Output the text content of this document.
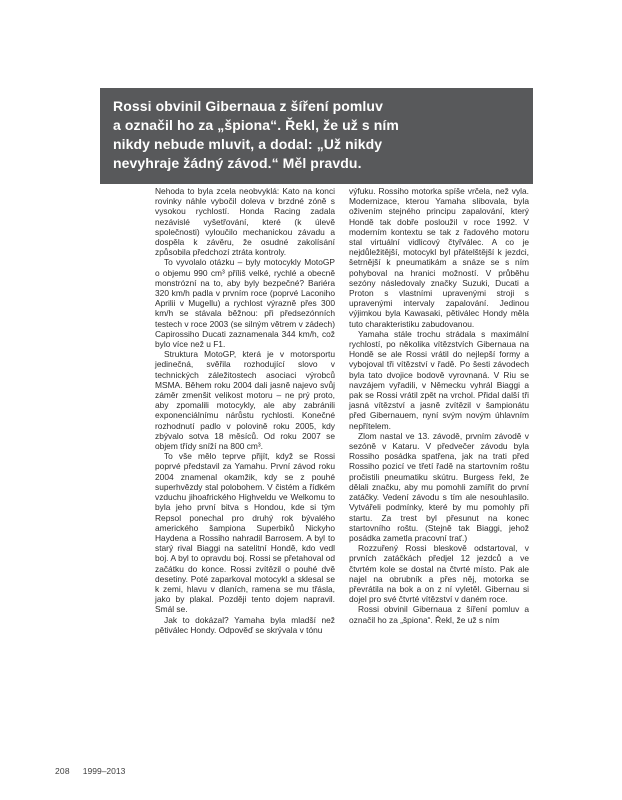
Rossi obvinil Gibernaua z šíření pomluv
a označil ho za „špiona“. Řekl, že už s ním
nikdy nebude mluvit, a dodal: „Už nikdy
nevyhraje žádný závod.“ Měl pravdu.

Nehoda to byla zcela neobvyklá: Kato na konci rovinky náhle vybočil doleva v brzdné zóně s vysokou rychlostí. Honda Racing zadala nezávislé vyšetřování, které (k úlevě společnosti) vyloučilo mechanickou závadu a dospěla k závěru, že osudné zakolísání způsobila předchozí ztráta kontroly.

To vyvolalo otázku – byly motocykly MotoGP o objemu 990 cm³ příliš velké, rychlé a obecně monstrózní na to, aby byly bezpečné? Bariéra 320 km/h padla v prvním roce (poprvé Laconiho Aprilii v Mugellu) a rychlost výrazně přes 300 km/h se stávala běžnou: při předsezónních testech v roce 2003 (se silným větrem v zádech) Capirossiho Ducati zaznamenala 344 km/h, což bylo více než u F1.

Struktura MotoGP, která je v motorsportu jedinečná, svěřila rozhodující slovo v technických záležitostech asociaci výrobců MSMA. Během roku 2004 dali jasně najevo svůj záměr zmenšit velikost motoru – ne prý proto, aby zpomalili motocykly, ale aby zabránili exponenciálnímu nárůstu rychlosti. Konečné rozhodnutí padlo v polovině roku 2005, kdy zbývalo sotva 18 měsíců. Od roku 2007 se objem třídy sníží na 800 cm³.

To vše mělo teprve přijít, když se Rossi poprvé představil za Yamahu. První závod roku 2004 znamenal okamžik, kdy se z pouhé superhvězdy stal polobohem. V čistém a řídkém vzduchu jihoafrického Highveldu ve Welkomu to byla jeho první bitva s Hondou, kde si tým Repsol ponechal pro druhý rok bývalého amerického šampiona Superbiků Nickyho Haydena a Rossiho nahradil Barrosem. A byl to starý rival Biaggi na satelitní Hondě, kdo vedl boj. A byl to opravdu boj. Rossi se přetahoval od začátku do konce. Rossi zvítězil o pouhé dvě desetiny. Poté zaparkoval motocykl a sklesal se k zemi, hlavu v dlaních, ramena se mu třásla, jako by plakal. Později tento dojem napravil. Smál se.

Jak to dokázal? Yamaha byla mladší než pětiválec Hondy. Odpověď se skrývala v tónu

výfuku. Rossiho motorka spíše vrčela, než vyla. Modernizace, kterou Yamaha slibovala, byla oživením stejného principu zapalování, který Hondě tak dobře posloužil v roce 1992. V moderním kontextu se tak z řadového motoru stal virtuální vidlicový čtyřválec. A co je nejdůležitější, motocykl byl přátelštější k jezdci, šetrnější k pneumatikám a snáze se s ním pohyboval na hranici možností. V průběhu sezóny následovaly značky Suzuki, Ducati a Proton s vlastními upravenými stroji s upravenými intervaly zapalování. Jedinou výjimkou byla Kawasaki, pětiválec Hondy měla tuto charakteristiku zabudovanou.

Yamaha stále trochu strádala s maximální rychlostí, po několika vítězstvích Gibernaua na Hondě se ale Rossi vrátil do nejlepší formy a vybojoval tři vítězství v řadě. Po šesti závodech byla tato dvojice bodově vyrovnaná. V Riu se navzájem vyřadili, v Německu vyhrál Biaggi a pak se Rossi vrátil zpět na vrchol. Přidal další tři jasná vítězství a jasně zvítězil v šampionátu před Gibernauem, nyní svým novým úhlavním nepřítelem.

Zlom nastal ve 13. závodě, prvním závodě v sezóně v Kataru. V předvečer závodu byla Rossiho posádka spatřena, jak na trati před Rossiho pozicí ve třetí řadě na startovním roštu pročistili pneumatiku skútru. Burgess řekl, že dělali značku, aby mu pomohli zamířit do první zatáčky. Vedení závodu s tím ale nesouhlasilo. Vytvářeli podmínky, které by mu pomohly při startu. Za trest byl přesunut na konec startovního roštu. (Stejně tak Biaggi, jehož posádka zametla pracovní trať.)

Rozzuřený Rossi bleskově odstartoval, v prvních zatáčkách předjel 12 jezdců a ve čtvrtém kole se dostal na čtvrté místo. Pak ale najel na obrubník a přes něj, motorka se převrátila na bok a on z ní vyletěl. Gibernau si dojel pro své čtvrté vítězství v daném roce.

Rossi obvinil Gibernaua z šíření pomluv a označil ho za „špiona“. Řekl, že už s ním

208 1999–2013
